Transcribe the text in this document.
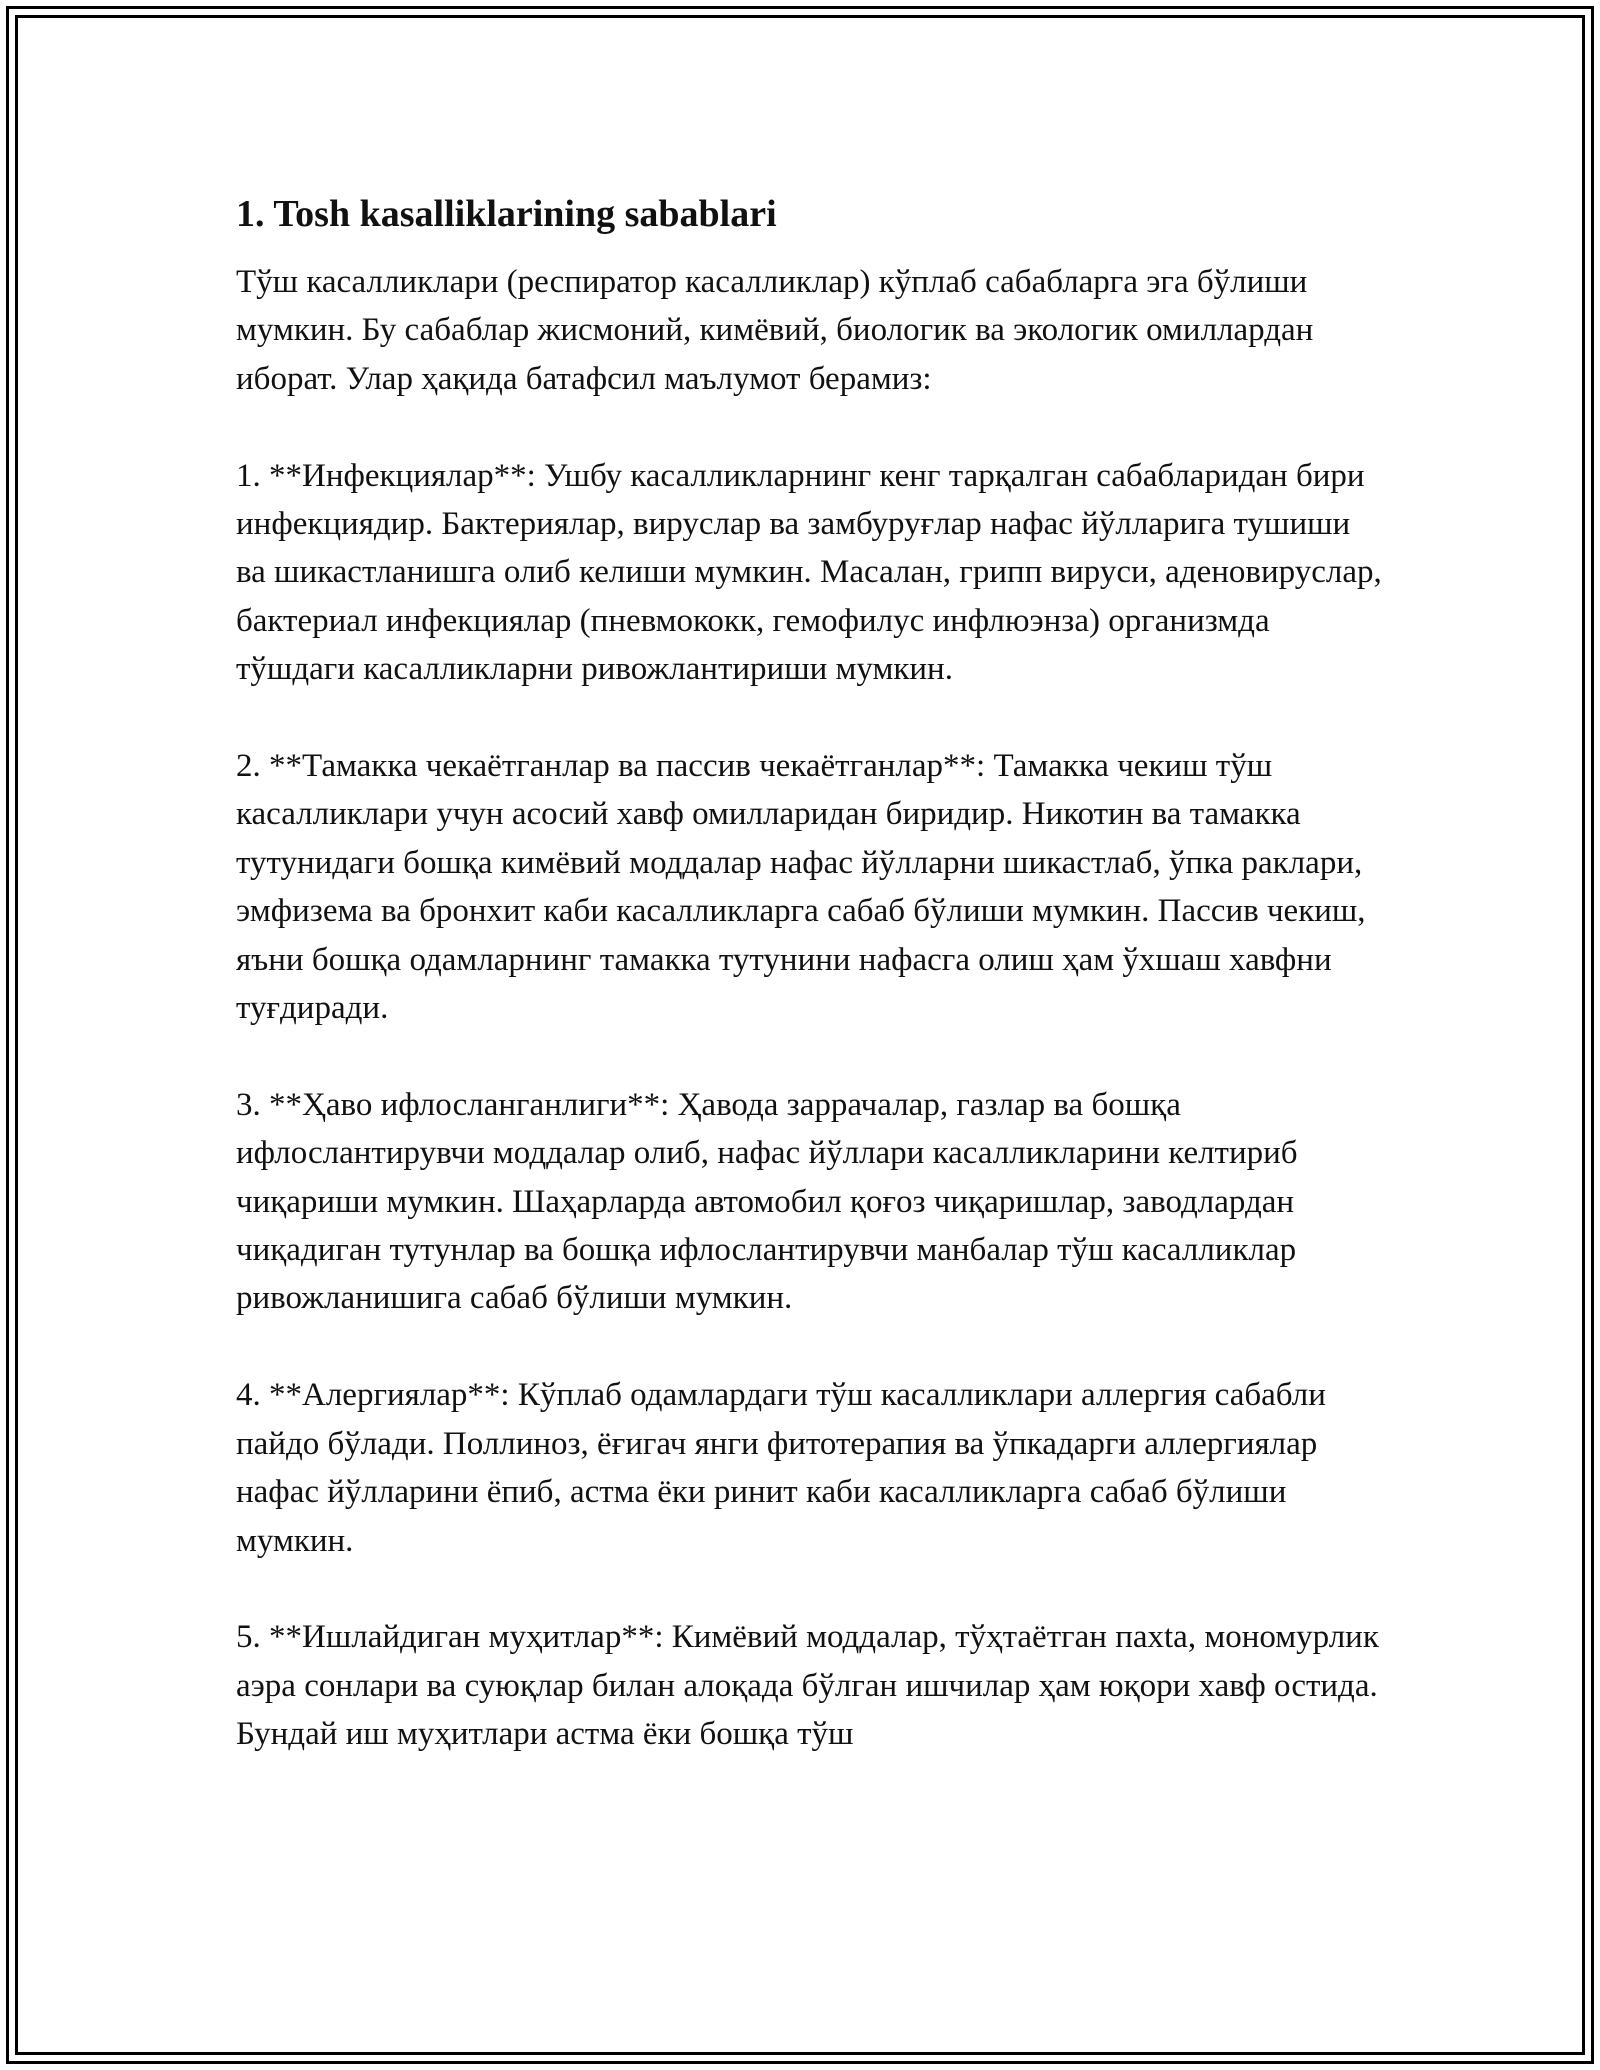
1. Tosh kasalliklarining sabablari

Тўш касалликлари (респиратор касалликлар) кўплаб сабабларга эга бўлиши мумкин. Бу сабаблар жисмоний, кимёвий, биологик ва экологик омиллардан иборат. Улар ҳақида батафсил маълумот берамиз:

1. **Инфекциялар**: Ушбу касалликларнинг кенг тарқалган сабабларидан бири инфекциядир. Бактериялар, вируслар ва замбуруғлар нафас йўлларига тушиши ва шикастланишга олиб келиши мумкин. Масалан, грипп вируси, аденовируслар, бактериал инфекциялар (пневмококк, гемофилус инфлюэнза) организмда тўшдаги касалликларни ривожлантириши мумкин.

2. **Тамакка чекаётганлар ва пассив чекаётганлар**: Тамакка чекиш тўш касалликлари учун асосий хавф омилларидан биридир. Никотин ва тамакка тутунидаги бошқа кимёвий моддалар нафас йўлларни шикастлаб, ўпка раклари, эмфизема ва бронхит каби касалликларга сабаб бўлиши мумкин. Пассив чекиш, яъни бошқа одамларнинг тамакка тутунини нафасга олиш ҳам ўхшаш хавфни туғдиради.

3. **Ҳаво ифлосланганлиги**: Ҳаводa заррачалар, газлар ва бошқа ифлослантирувчи моддалар олиб, нафас йўллари касалликларини келтириб чиқариши мумкин. Шаҳарларда автомобил қоғоз чиқаришлар, заводлардан чиқадиган тутунлар ва бошқа ифлослантирувчи манбалар тўш касалликлар ривожланишига сабаб бўлиши мумкин.

4. **Алергиялар**: Кўплаб одамлардаги тўш касалликлари аллергия сабабли пайдо бўлади. Поллиноз, ёғигач янги фитотерапия ва ўпкадарги аллергиялар нафас йўлларини ёпиб, астма ёки ринит каби касалликларга сабаб бўлиши мумкин.

5. **Ишлайдиган муҳитлар**: Кимёвий моддалар, тўҳтаётган пахta, мономурлик аэра сонлари ва суюқлар билан алоқада бўлган ишчилар ҳам юқори хавф остида. Бундай иш муҳитлари астма ёки бошқа тўш
